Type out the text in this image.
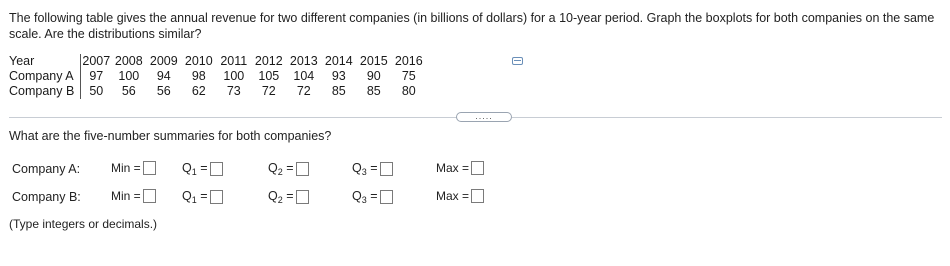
The following table gives the annual revenue for two different companies (in billions of dollars) for a 10-year period. Graph the boxplots for both companies on the same scale. Are the distributions similar?
Year	2007	2008	2009	2010	2011	2012	2013	2014	2015	2016
Company A	97	100	94	98	100	105	104	93	90	75
Company B	50	56	56	62	73	72	72	85	85	80
.....
What are the five-number summaries for both companies?
Company A:	Min =	$Q_1$ =	$Q_2$ =	$Q_3$ =	Max =
Company B:	Min =	$Q_1$ =	$Q_2$ =	$Q_3$ =	Max =
(Type integers or decimals.)
